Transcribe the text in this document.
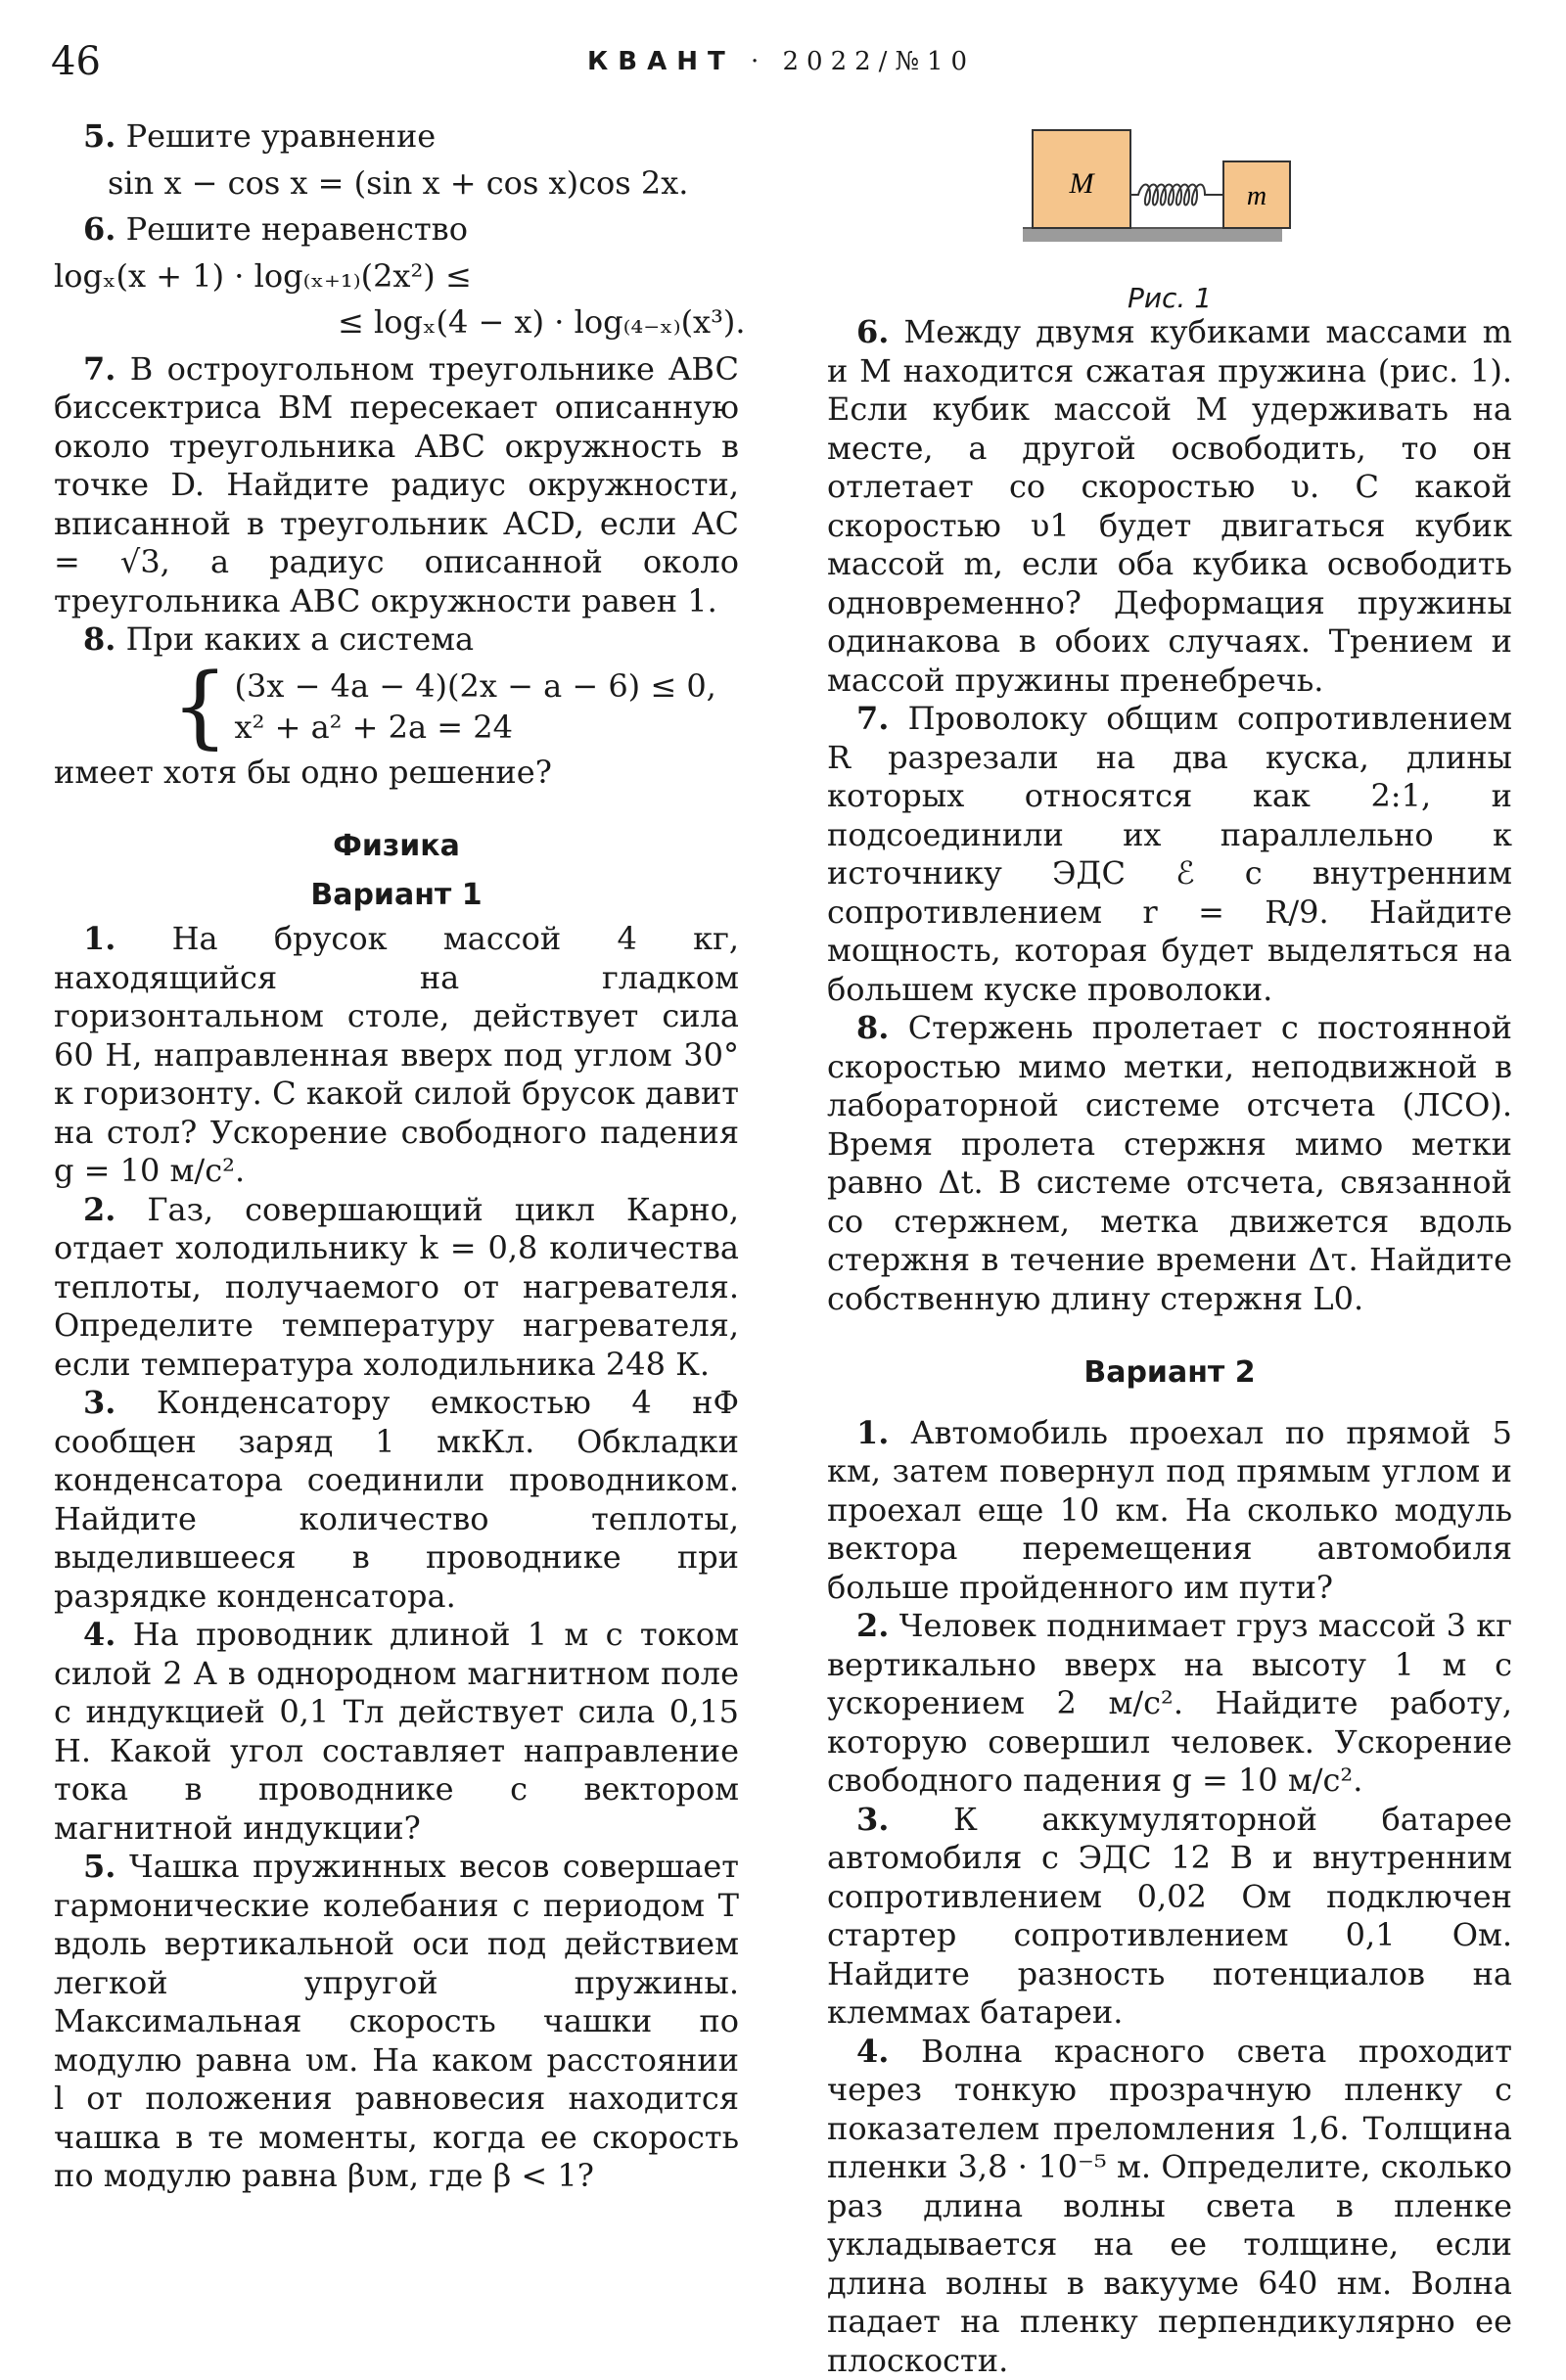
46	КВАНТ · 2022/№10

5. Решите уравнение

sin x − cos x = (sin x + cos x)cos 2x.

6. Решите неравенство

logₓ(x + 1) · log₍ₓ₊₁₎(2x²) ≤

≤ logₓ(4 − x) · log₍₄₋ₓ₎(x³).

7. В остроугольном треугольнике ABC биссектриса BM пересекает описанную около треугольника ABC окружность в точке D. Найдите радиус окружности, вписанной в треугольник ACD, если AC = √3, а радиус описанной около треугольника ABC окружности равен 1.

8. При каких a система

{ (3x − 4a − 4)(2x − a − 6) ≤ 0,
x² + a² + 2a = 24

имеет хотя бы одно решение?

Физика

Вариант 1

1. На брусок массой 4 кг, находящийся на гладком горизонтальном столе, действует сила 60 Н, направленная вверх под углом 30° к горизонту. С какой силой брусок давит на стол? Ускорение свободного падения g = 10 м/c².

2. Газ, совершающий цикл Карно, отдает холодильнику k = 0,8 количества теплоты, получаемого от нагревателя. Определите температуру нагревателя, если температура холодильника 248 К.

3. Конденсатору емкостью 4 нФ сообщен заряд 1 мкКл. Обкладки конденсатора соединили проводником. Найдите количество теплоты, выделившееся в проводнике при разрядке конденсатора.

4. На проводник длиной 1 м с током силой 2 А в однородном магнитном поле с индукцией 0,1 Тл действует сила 0,15 Н. Какой угол составляет направление тока в проводнике с вектором магнитной индукции?

5. Чашка пружинных весов совершает гармонические колебания с периодом T вдоль вертикальной оси под действием легкой упругой пружины. Максимальная скорость чашки по модулю равна υм. На каком расстоянии l от положения равновесия находится чашка в те моменты, когда ее скорость по модулю равна βυм, где β < 1?

M	m

Рис. 1

6. Между двумя кубиками массами m и M находится сжатая пружина (рис. 1). Если кубик массой M удерживать на месте, а другой освободить, то он отлетает со скоростью υ. С какой скоростью υ1 будет двигаться кубик массой m, если оба кубика освободить одновременно? Деформация пружины одинакова в обоих случаях. Трением и массой пружины пренебречь.

7. Проволоку общим сопротивлением R разрезали на два куска, длины которых относятся как 2:1, и подсоединили их параллельно к источнику ЭДС ℰ с внутренним сопротивлением r = R/9. Найдите мощность, которая будет выделяться на большем куске проволоки.

8. Стержень пролетает с постоянной скоростью мимо метки, неподвижной в лабораторной системе отсчета (ЛСО). Время пролета стержня мимо метки равно Δt. В системе отсчета, связанной со стержнем, метка движется вдоль стержня в течение времени Δτ. Найдите собственную длину стержня L0.

Вариант 2

1. Автомобиль проехал по прямой 5 км, затем повернул под прямым углом и проехал еще 10 км. На сколько модуль вектора перемещения автомобиля больше пройденного им пути?

2. Человек поднимает груз массой 3 кг вертикально вверх на высоту 1 м с ускорением 2 м/c². Найдите работу, которую совершил человек. Ускорение свободного падения g = 10 м/c².

3. К аккумуляторной батарее автомобиля с ЭДС 12 В и внутренним сопротивлением 0,02 Ом подключен стартер сопротивлением 0,1 Ом. Найдите разность потенциалов на клеммах батареи.

4. Волна красного света проходит через тонкую прозрачную пленку с показателем преломления 1,6. Толщина пленки 3,8 · 10⁻⁵ м. Определите, сколько раз длина волны света в пленке укладывается на ее толщине, если длина волны в вакууме 640 нм. Волна падает на пленку перпендикулярно ее плоскости.
